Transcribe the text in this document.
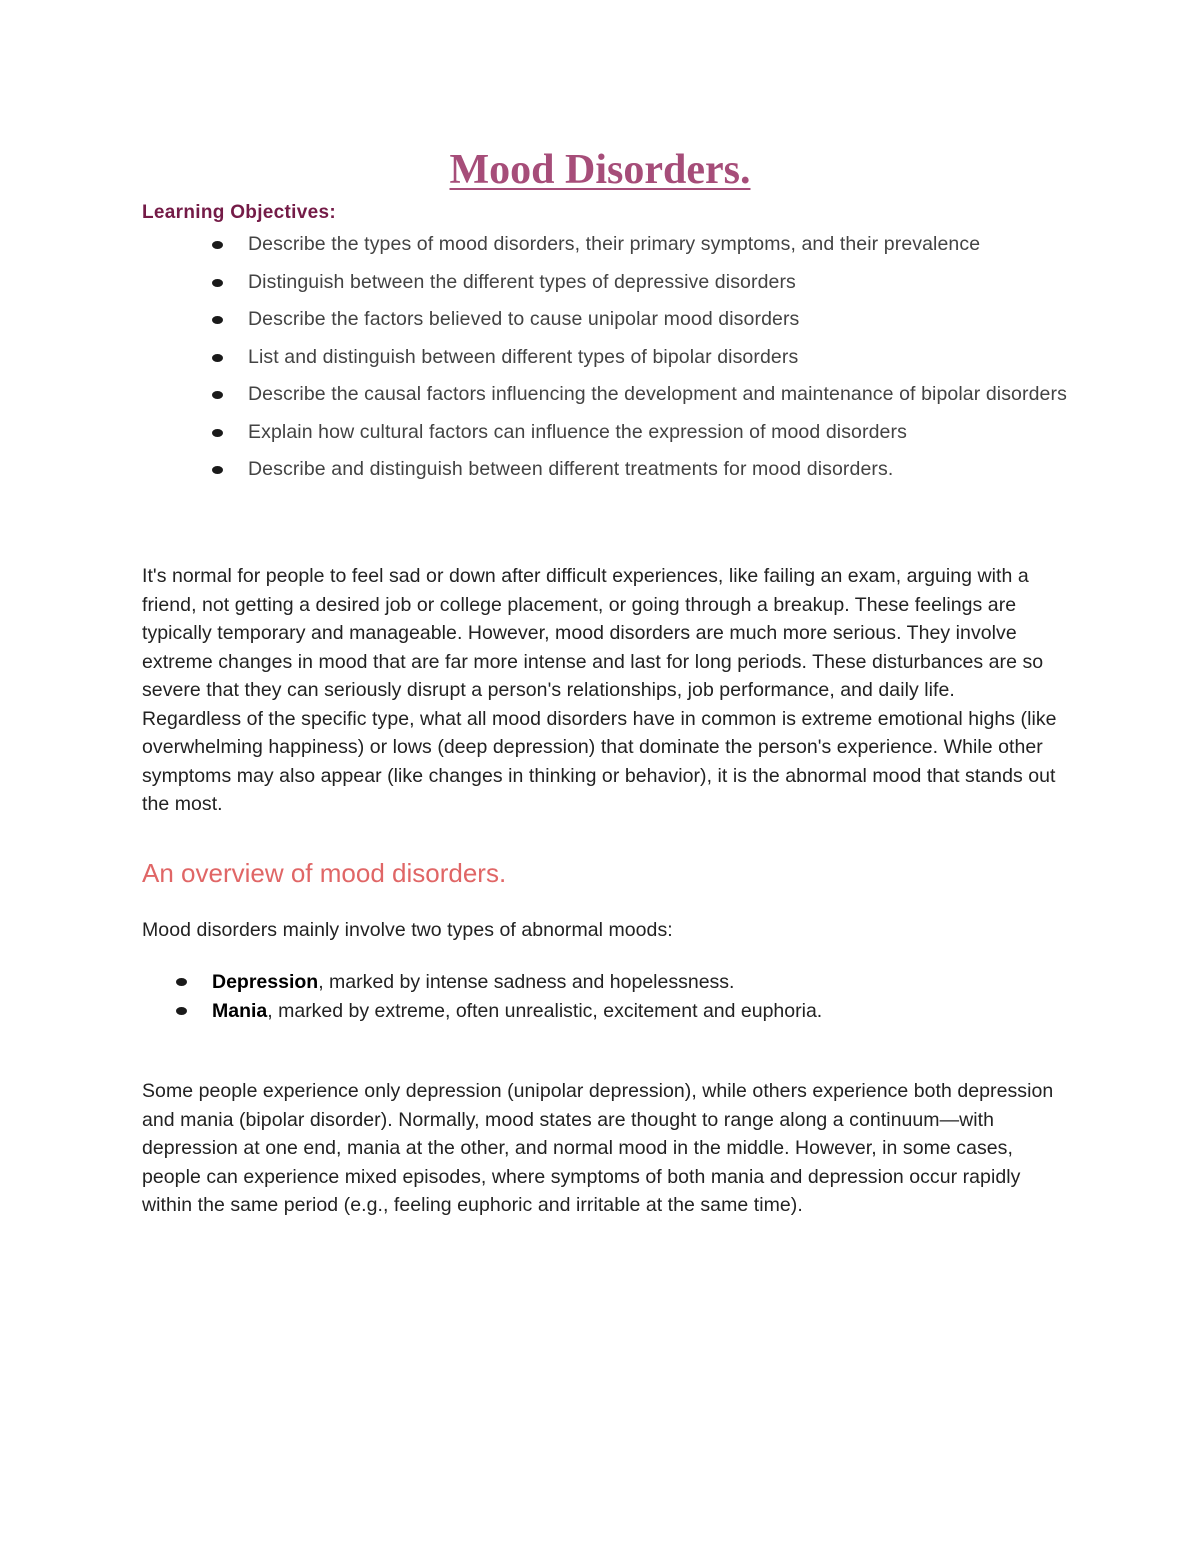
Mood Disorders.

Learning Objectives:

Describe the types of mood disorders, their primary symptoms, and their prevalence
Distinguish between the different types of depressive disorders
Describe the factors believed to cause unipolar mood disorders
List and distinguish between different types of bipolar disorders
Describe the causal factors influencing the development and maintenance of bipolar disorders
Explain how cultural factors can influence the expression of mood disorders
Describe and distinguish between different treatments for mood disorders.

It's normal for people to feel sad or down after difficult experiences, like failing an exam, arguing with a friend, not getting a desired job or college placement, or going through a breakup. These feelings are typically temporary and manageable. However, mood disorders are much more serious. They involve extreme changes in mood that are far more intense and last for long periods. These disturbances are so severe that they can seriously disrupt a person's relationships, job performance, and daily life. Regardless of the specific type, what all mood disorders have in common is extreme emotional highs (like overwhelming happiness) or lows (deep depression) that dominate the person's experience. While other symptoms may also appear (like changes in thinking or behavior), it is the abnormal mood that stands out the most.

An overview of mood disorders.

Mood disorders mainly involve two types of abnormal moods:

Depression, marked by intense sadness and hopelessness.
Mania, marked by extreme, often unrealistic, excitement and euphoria.

Some people experience only depression (unipolar depression), while others experience both depression and mania (bipolar disorder). Normally, mood states are thought to range along a continuum—with depression at one end, mania at the other, and normal mood in the middle. However, in some cases, people can experience mixed episodes, where symptoms of both mania and depression occur rapidly within the same period (e.g., feeling euphoric and irritable at the same time).
